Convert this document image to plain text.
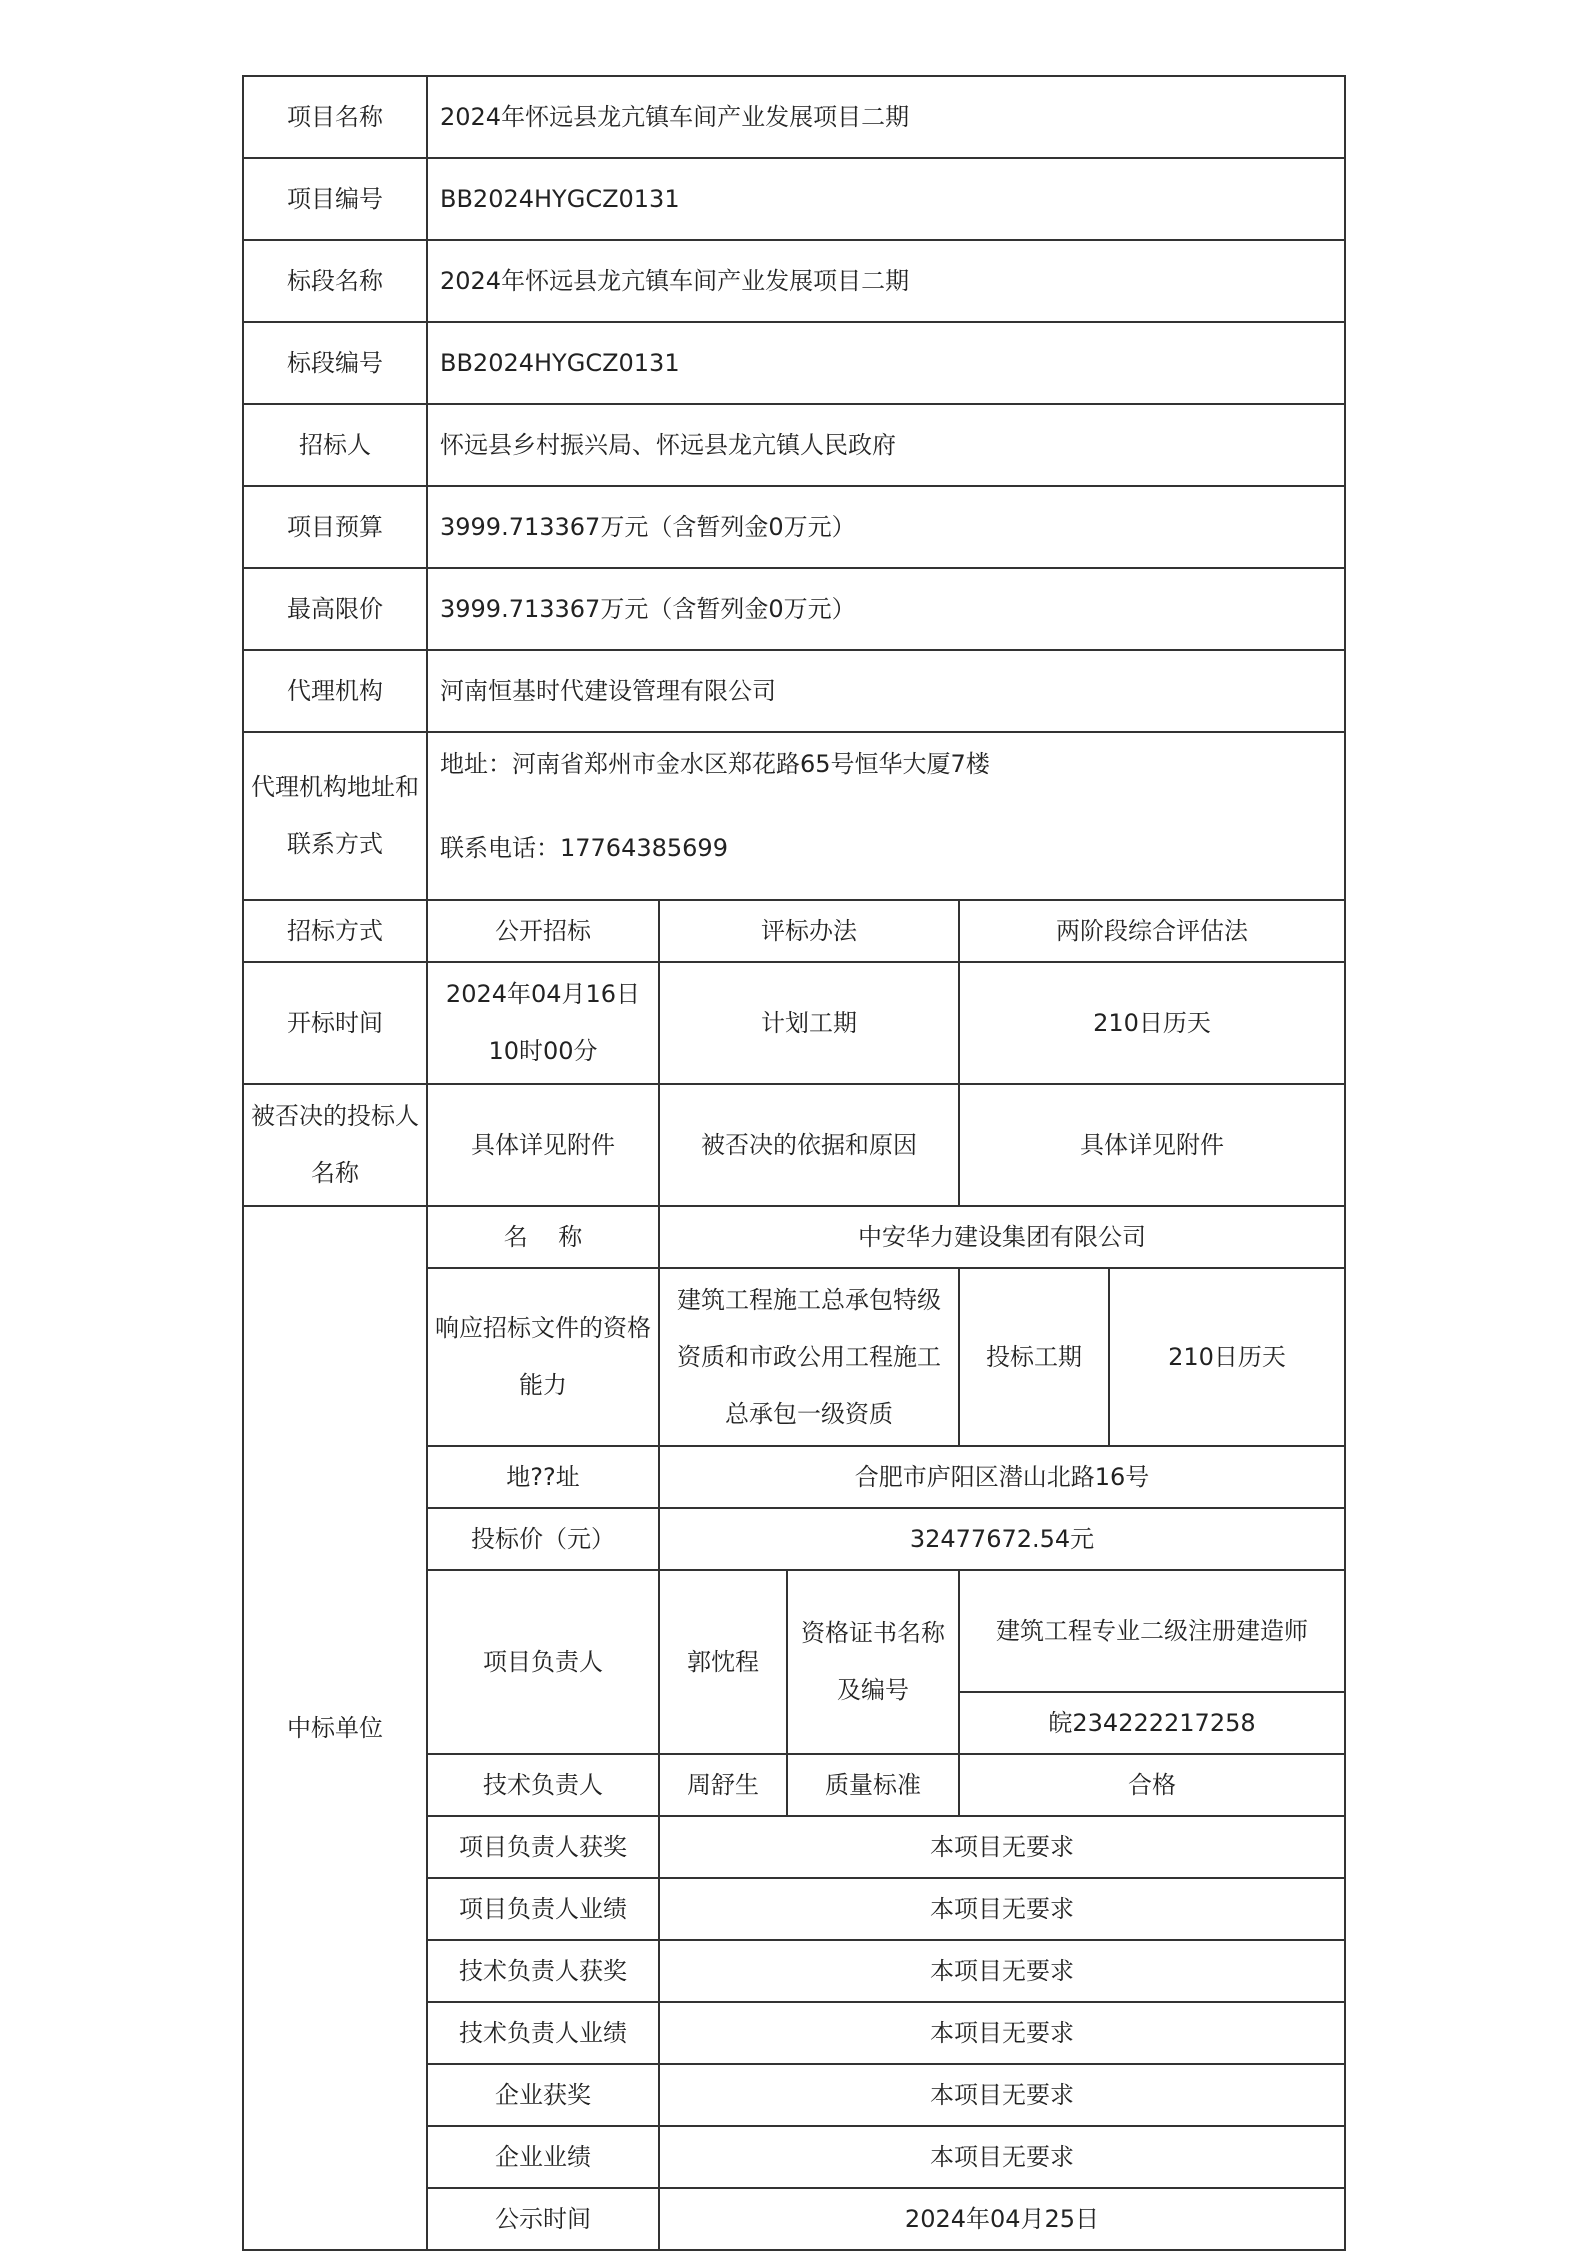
项目名称	2024年怀远县龙亢镇车间产业发展项目二期				
项目编号	BB2024HYGCZ0131				
标段名称	2024年怀远县龙亢镇车间产业发展项目二期				
标段编号	BB2024HYGCZ0131				
招标人	怀远县乡村振兴局、怀远县龙亢镇人民政府				
项目预算	3999.713367万元（含暂列金0万元）				
最高限价	3999.713367万元（含暂列金0万元）				
代理机构	河南恒基时代建设管理有限公司				
代理机构地址和联系方式	地址：河南省郑州市金水区郑花路65号恒华大厦7楼
联系电话：17764385699				

招标方式	公开招标	评标办法		两阶段综合评估法	
开标时间	2024年04月16日10时00分	计划工期		210日历天	
被否决的投标人名称	具体详见附件	被否决的依据和原因		具体详见附件	
中标单位	名    称	中安华力建设集团有限公司			
	响应招标文件的资格能力	建筑工程施工总承包特级资质和市政公用工程施工总承包一级资质		投标工期	210日历天
	地??址	合肥市庐阳区潜山北路16号			
	投标价（元）	32477672.54元			
	项目负责人	郭忱程	资格证书名称及编号	建筑工程专业二级注册建造师	
				皖234222217258	
	技术负责人	周舒生	质量标准	合格	
	项目负责人获奖	本项目无要求			
	项目负责人业绩	本项目无要求			
	技术负责人获奖	本项目无要求			
	技术负责人业绩	本项目无要求			
	企业获奖	本项目无要求			
	企业业绩	本项目无要求			
	公示时间	2024年04月25日			
